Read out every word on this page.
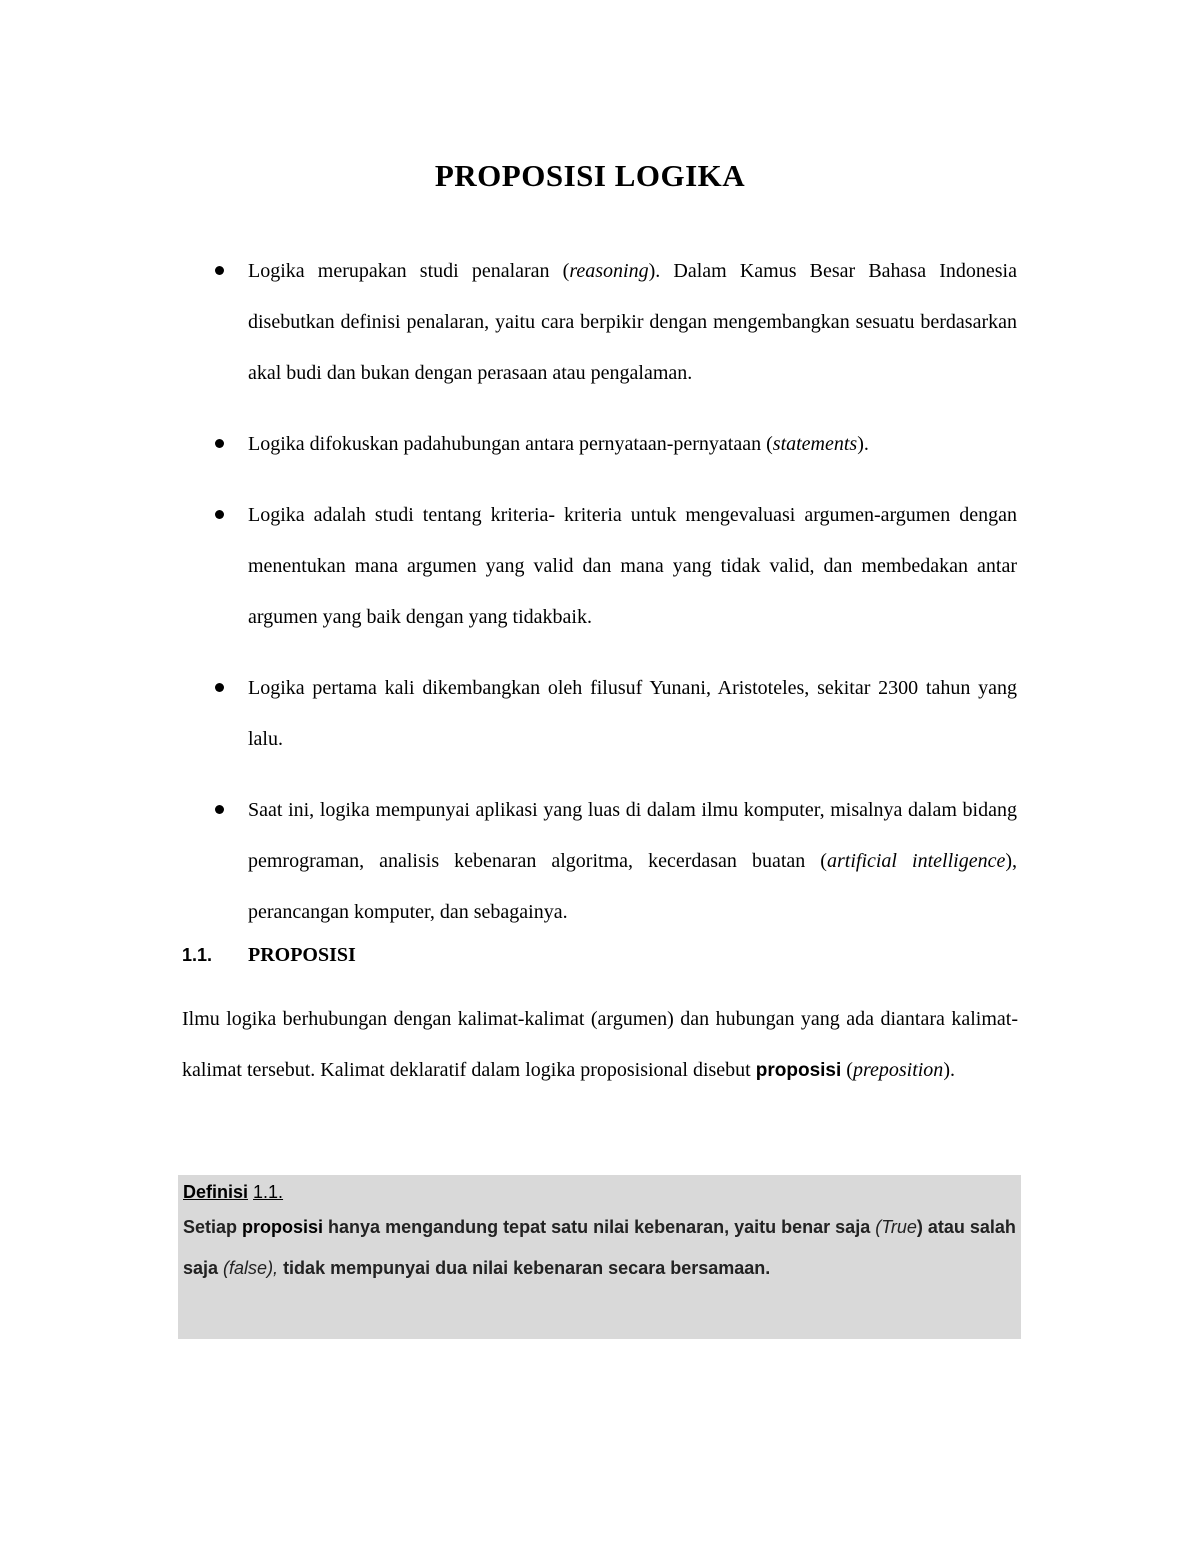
PROPOSISI LOGIKA
Logika merupakan studi penalaran (reasoning). Dalam Kamus Besar Bahasa Indonesia disebutkan definisi penalaran, yaitu cara berpikir dengan mengembangkan sesuatu berdasarkan akal budi dan bukan dengan perasaan atau pengalaman.
Logika difokuskan padahubungan antara pernyataan-pernyataan (statements).
Logika adalah studi tentang kriteria- kriteria untuk mengevaluasi argumen-argumen dengan menentukan mana argumen yang valid dan mana yang tidak valid, dan membedakan antar argumen yang baik dengan yang tidakbaik.
Logika pertama kali dikembangkan oleh filusuf Yunani, Aristoteles, sekitar 2300 tahun yang lalu.
Saat ini, logika mempunyai aplikasi yang luas di dalam ilmu komputer, misalnya dalam bidang pemrograman, analisis kebenaran algoritma, kecerdasan buatan (artificial intelligence), perancangan komputer, dan sebagainya.
1.1. PROPOSISI

Ilmu logika berhubungan dengan kalimat-kalimat (argumen) dan hubungan yang ada diantara kalimat-kalimat tersebut. Kalimat deklaratif dalam logika proposisional disebut proposisi (preposition).

Definisi 1.1.

Setiap proposisi hanya mengandung tepat satu nilai kebenaran, yaitu benar saja (True) atau salah saja (false), tidak mempunyai dua nilai kebenaran secara bersamaan.
